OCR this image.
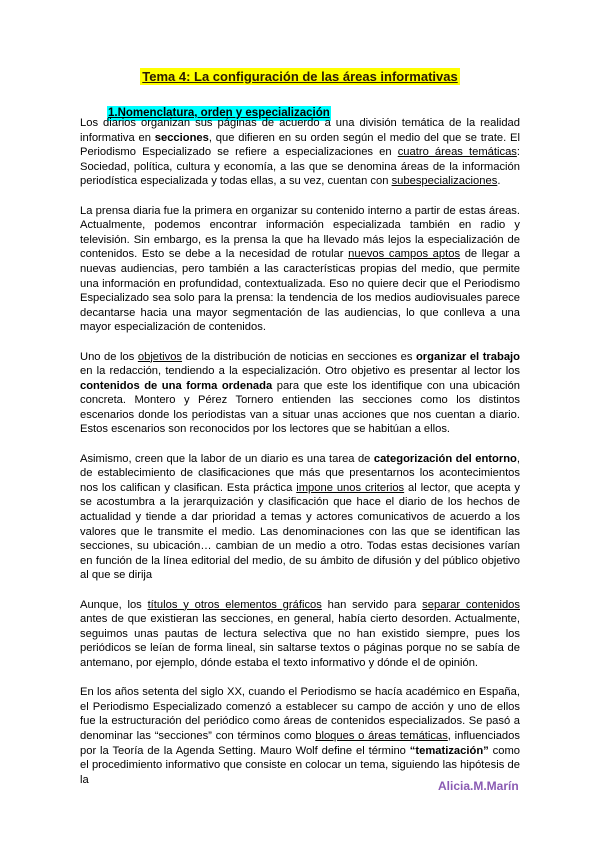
Tema 4: La configuración de las áreas informativas
1.Nomenclatura, orden y especialización

Los diarios organizan sus páginas de acuerdo a una división temática de la realidad informativa en secciones, que difieren en su orden según el medio del que se trate. El Periodismo Especializado se refiere a especializaciones en cuatro áreas temáticas: Sociedad, política, cultura y economía, a las que se denomina áreas de la información periodística especializada y todas ellas, a su vez, cuentan con subespecializaciones.

La prensa diaria fue la primera en organizar su contenido interno a partir de estas áreas. Actualmente, podemos encontrar información especializada también en radio y televisión. Sin embargo, es la prensa la que ha llevado más lejos la especialización de contenidos. Esto se debe a la necesidad de rotular nuevos campos aptos de llegar a nuevas audiencias, pero también a las características propias del medio, que permite una información en profundidad, contextualizada. Eso no quiere decir que el Periodismo Especializado sea solo para la prensa: la tendencia de los medios audiovisuales parece decantarse hacia una mayor segmentación de las audiencias, lo que conlleva a una mayor especialización de contenidos.

Uno de los objetivos de la distribución de noticias en secciones es organizar el trabajo en la redacción, tendiendo a la especialización. Otro objetivo es presentar al lector los contenidos de una forma ordenada para que este los identifique con una ubicación concreta. Montero y Pérez Tornero entienden las secciones como los distintos escenarios donde los periodistas van a situar unas acciones que nos cuentan a diario. Estos escenarios son reconocidos por los lectores que se habitúan a ellos.

Asimismo, creen que la labor de un diario es una tarea de categorización del entorno, de establecimiento de clasificaciones que más que presentarnos los acontecimientos nos los califican y clasifican. Esta práctica impone unos criterios al lector, que acepta y se acostumbra a la jerarquización y clasificación que hace el diario de los hechos de actualidad y tiende a dar prioridad a temas y actores comunicativos de acuerdo a los valores que le transmite el medio. Las denominaciones con las que se identifican las secciones, su ubicación… cambian de un medio a otro. Todas estas decisiones varían en función de la línea editorial del medio, de su ámbito de difusión y del público objetivo al que se dirija

Aunque, los títulos y otros elementos gráficos han servido para separar contenidos antes de que existieran las secciones, en general, había cierto desorden. Actualmente, seguimos unas pautas de lectura selectiva que no han existido siempre, pues los periódicos se leían de forma lineal, sin saltarse textos o páginas porque no se sabía de antemano, por ejemplo, dónde estaba el texto informativo y dónde el de opinión.

En los años setenta del siglo XX, cuando el Periodismo se hacía académico en España, el Periodismo Especializado comenzó a establecer su campo de acción y uno de ellos fue la estructuración del periódico como áreas de contenidos especializados. Se pasó a denominar las “secciones” con términos como bloques o áreas temáticas, influenciados por la Teoría de la Agenda Setting. Mauro Wolf define el término “tematización” como el procedimiento informativo que consiste en colocar un tema, siguiendo las hipótesis de la	Alicia.M.Marín
